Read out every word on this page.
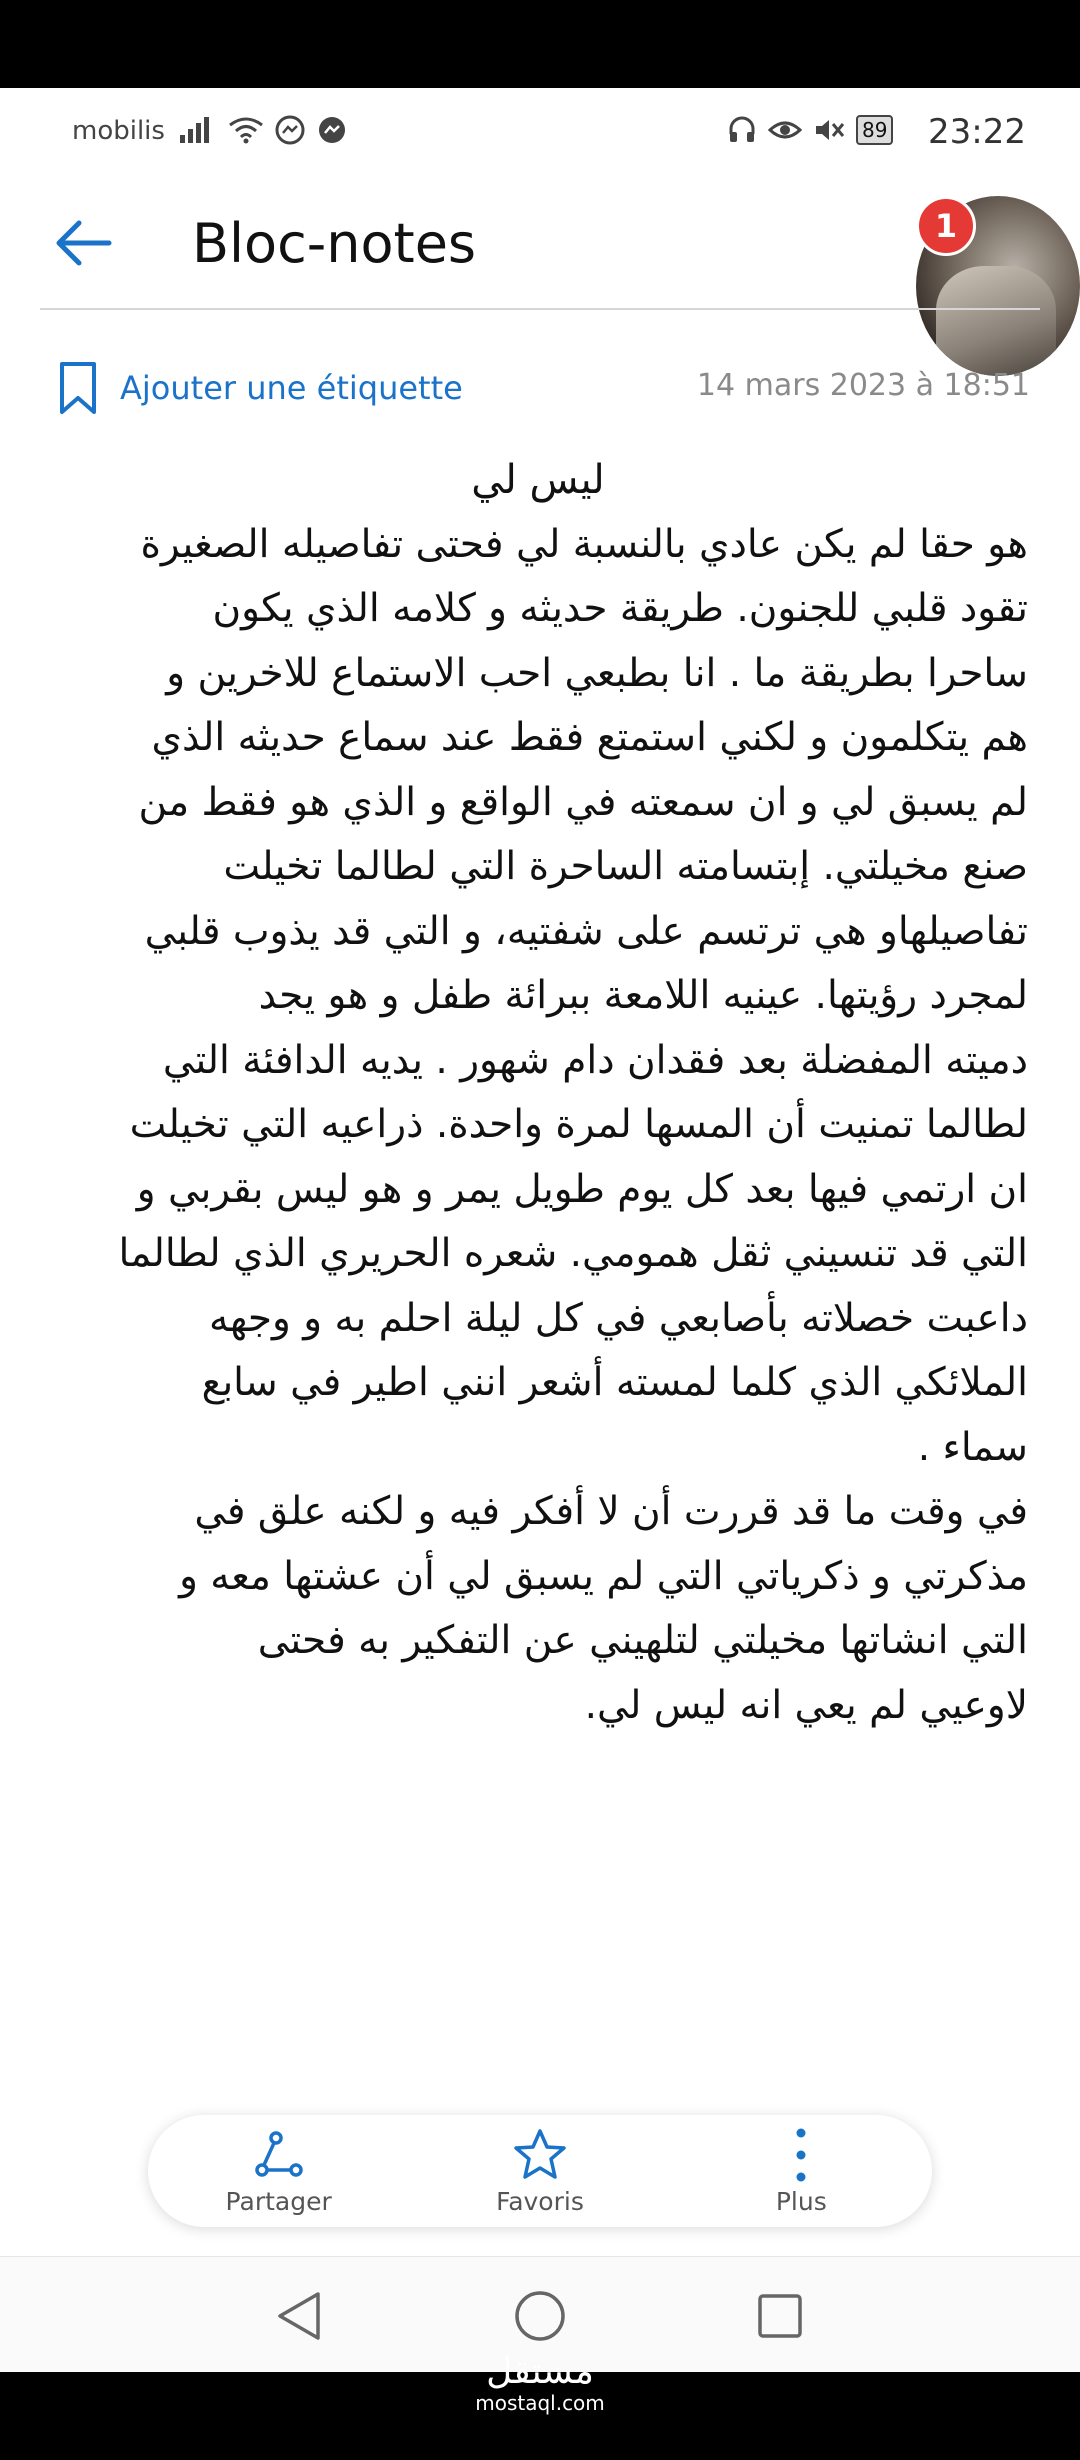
mobilis	89 23:22
Bloc-notes	1
Ajouter une étiquette	14 mars 2023 à 18:51
ليس لي
هو حقا لم يكن عادي بالنسبة لي فحتى تفاصيله الصغيرة
تقود قلبي للجنون. طريقة حديثه و كلامه الذي يكون
ساحرا بطريقة ما . انا بطبعي احب الاستماع للاخرين و
هم يتكلمون و لكني استمتع فقط عند سماع حديثه الذي
لم يسبق لي و ان سمعته في الواقع و الذي هو فقط من
صنع مخيلتي. إبتسامته الساحرة التي لطالما تخيلت
تفاصيلهاو هي ترتسم على شفتيه، و التي قد يذوب قلبي
لمجرد رؤيتها. عينيه اللامعة ببرائة طفل و هو يجد
دميته المفضلة بعد فقدان دام شهور . يديه الدافئة التي
لطالما تمنيت أن المسها لمرة واحدة. ذراعيه التي تخيلت
ان ارتمي فيها بعد كل يوم طويل يمر و هو ليس بقربي و
التي قد تنسيني ثقل همومي. شعره الحريري الذي لطالما
داعبت خصلاته بأصابعي في كل ليلة احلم به و وجهه
الملائكي الذي كلما لمسته أشعر انني اطير في سابع
سماء .
في وقت ما قد قررت أن لا أفكر فيه و لكنه علق في
مذكرتي و ذكرياتي التي لم يسبق لي أن عشتها معه و
التي انشاتها مخيلتي لتلهيني عن التفكير به فحتى
لاوعيي لم يعي انه ليس لي.
Partager	Favoris	Plus
مستقل
mostaql.com
